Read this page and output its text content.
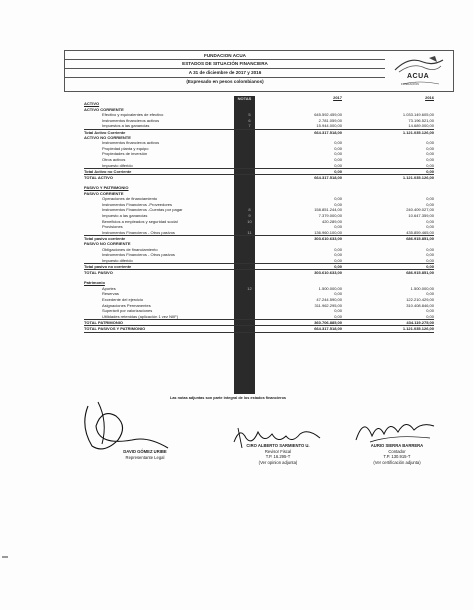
FUNDACION ACUA
ESTADOS DE SITUACIÓN FINANCIERA
A 31 de diciembre de 2017 y 2016
(Expresado en pesos colombianos)
ACUA
FUNDACIÓN
NOTAS	2017	2016
ACTIVO
ACTIVO CORRIENTE
Efectivo y equivalentes de efectivo	5	645.592.459,00	1.033.149.605,00
Instrumentos financieros activos	6	2.781.059,00	73.196.521,00
Impuestos a las ganancias	7	15.944.000,00	14.689.000,00
Total Activo Corriente	664.317.518,00	1.121.035.126,00
ACTIVO NO CORRIENTE
Instrumentos financieros activos	0,00	0,00
Propiedad planta y equipo	0,00	0,00
Propiedades de inversión	0,00	0,00
Otros activos	0,00	0,00
Impuesto diferido	0,00	0,00
Total Activo no Corriente	0,00	0,00
TOTAL ACTIVO	664.317.518,00	1.121.035.126,00
PASIVO Y PATRIMONIO
PASIVO CORRIENTE
Operaciones de financiamiento	0,00	0,00
Instrumentos Financieros -Proveedores	0,00	0,00
Instrumentos Financieros -Cuentas por pagar	8	158.851.244,00	240.409.027,00
Impuesto a las ganancias	9	7.379.000,00	10.647.359,00
Beneficios a empleados y seguridad social	10	420.289,00	0,00
Provisiones	0,00	0,00
Instrumentos Financieros - Otros pasivos	11	136.960.100,00	435.859.465,00
Total pasivo corriente	303.610.633,00	686.915.851,00
PASIVO NO CORRIENTE
Obligaciones de financiamiento	0,00	0,00
Instrumentos Financieros - Otros pasivos	0,00	0,00
Impuesto diferido	0,00	0,00
Total pasivo no corriente	0,00	0,00
TOTAL PASIVO	303.610.633,00	686.915.851,00
Patrimonio
Aportes	12	1.500.000,00	1.500.000,00
Reservas	0,00	0,00
Excedente del ejercicio	47.244.590,00	122.210.429,00
Asignaciones Permanentes	311.962.295,00	310.408.846,00
Superávit por valorizaciones	0,00	0,00
Utilidades retenidas (aplicación 1 vez NIIF)	0,00	0,00
TOTAL PATRIMONIO	360.706.885,00	434.119.275,00
TOTAL PASIVOS Y PATRIMONIO	664.317.518,00	1.121.035.126,00
Las notas adjuntas son parte integral de los estados financieros
DAVID GÓMEZ URIBE
Representante Legal
CIRO ALBERTO SARMIENTO U.
Revisor Fiscal
T.P. 16.295-T
(Ver opinion adjunta)
AURIO SIERRA BARRERA
Contador
T.P. 130.915-T
(Ver certificación adjunta)
